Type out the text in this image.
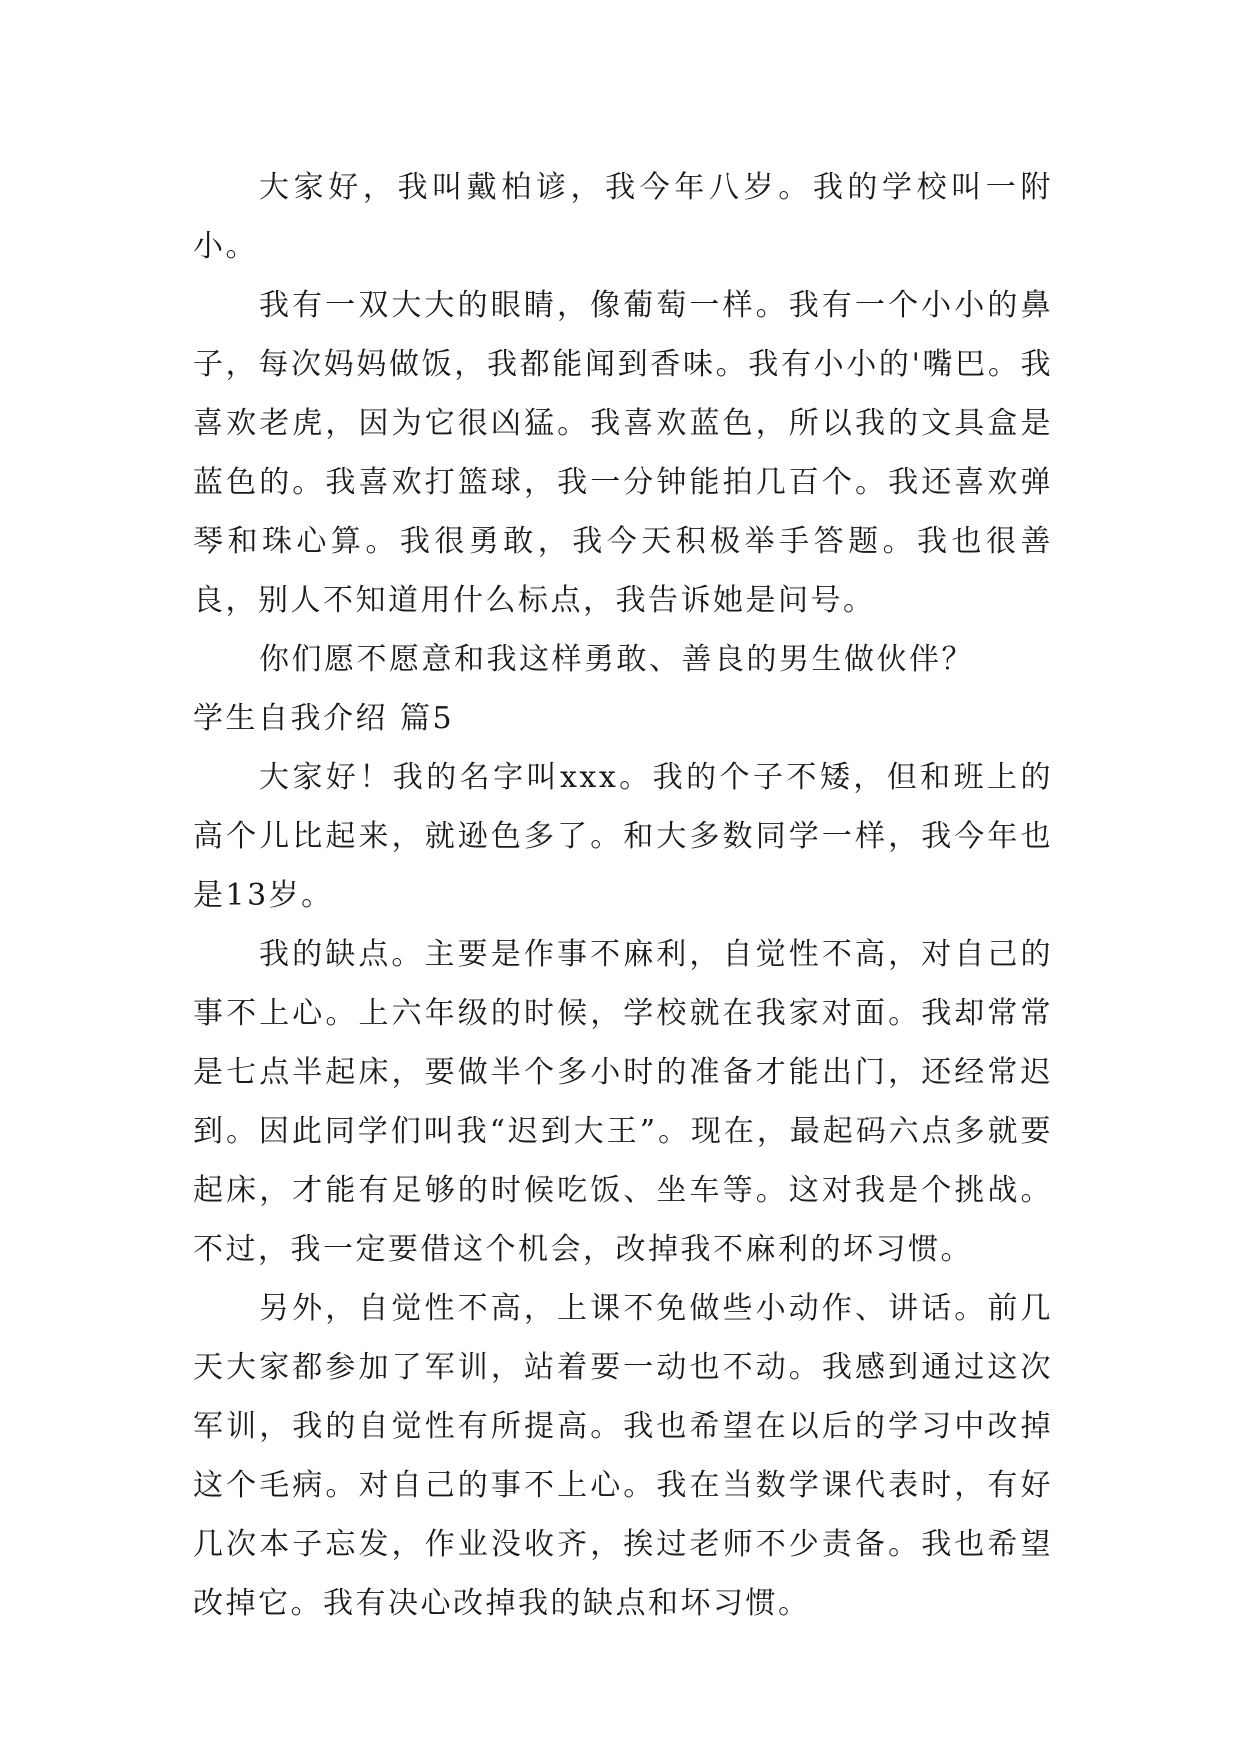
大家好，我叫戴柏谚，我今年八岁。我的学校叫一附小。

我有一双大大的眼睛，像葡萄一样。我有一个小小的鼻子，每次妈妈做饭，我都能闻到香味。我有小小的'嘴巴。我喜欢老虎，因为它很凶猛。我喜欢蓝色，所以我的文具盒是蓝色的。我喜欢打篮球，我一分钟能拍几百个。我还喜欢弹琴和珠心算。我很勇敢，我今天积极举手答题。我也很善良，别人不知道用什么标点，我告诉她是问号。

你们愿不愿意和我这样勇敢、善良的男生做伙伴？

学生自我介绍 篇5

大家好！我的名字叫xxx。我的个子不矮，但和班上的高个儿比起来，就逊色多了。和大多数同学一样，我今年也是13岁。

我的缺点。主要是作事不麻利，自觉性不高，对自己的事不上心。上六年级的时候，学校就在我家对面。我却常常是七点半起床，要做半个多小时的准备才能出门，还经常迟到。因此同学们叫我“迟到大王”。现在，最起码六点多就要起床，才能有足够的时候吃饭、坐车等。这对我是个挑战。不过，我一定要借这个机会，改掉我不麻利的坏习惯。

另外，自觉性不高，上课不免做些小动作、讲话。前几天大家都参加了军训，站着要一动也不动。我感到通过这次军训，我的自觉性有所提高。我也希望在以后的学习中改掉这个毛病。对自己的事不上心。我在当数学课代表时，有好几次本子忘发，作业没收齐，挨过老师不少责备。我也希望改掉它。我有决心改掉我的缺点和坏习惯。
